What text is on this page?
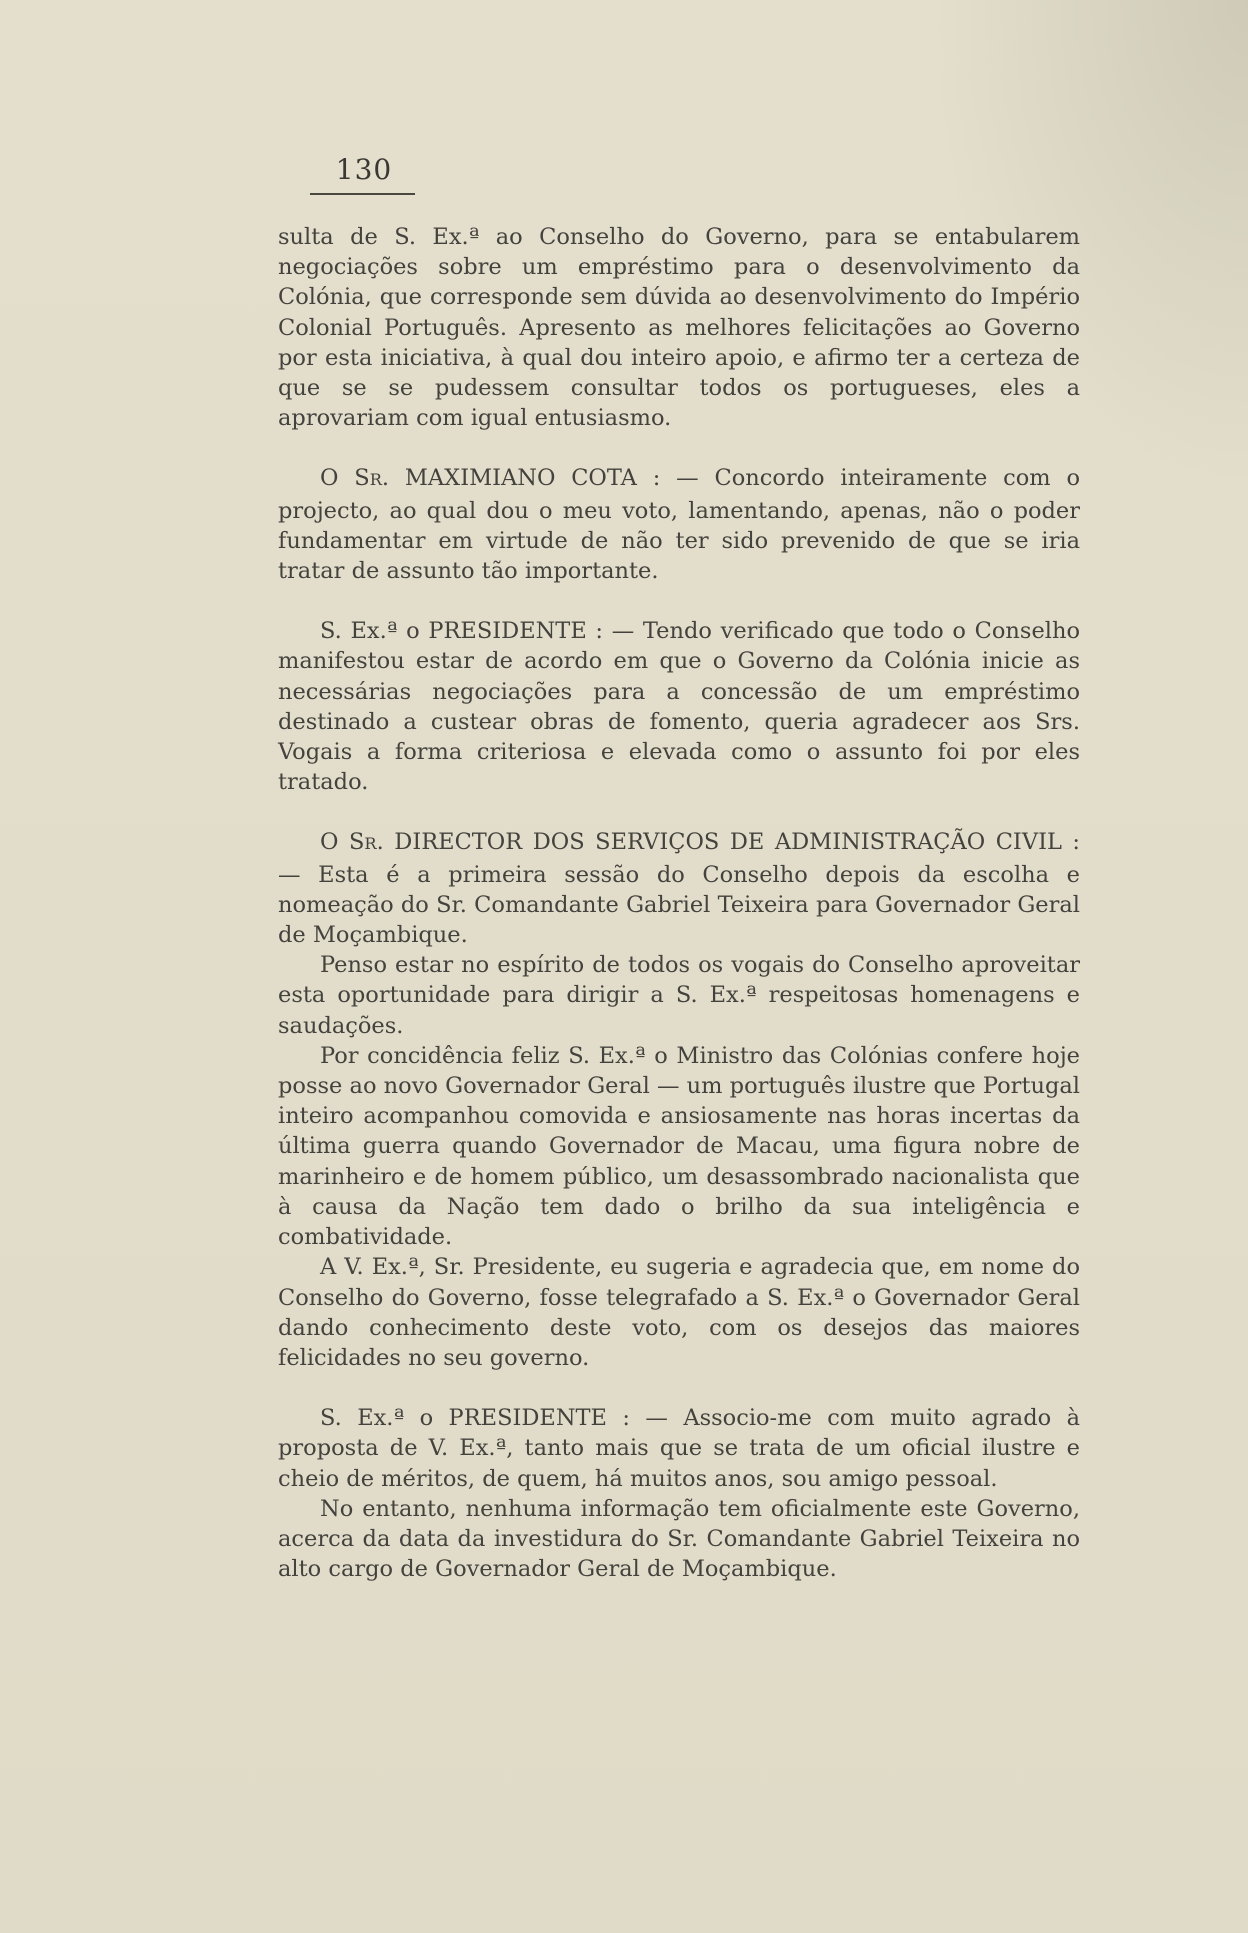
130

sulta de S. Ex.ª ao Conselho do Governo, para se entabularem negociações sobre um empréstimo para o desenvolvimento da Colónia, que corresponde sem dúvida ao desenvolvimento do Império Colonial Português. Apresento as melhores felicitações ao Governo por esta iniciativa, à qual dou inteiro apoio, e afirmo ter a certeza de que se se pudessem consultar todos os portugueses, eles a aprovariam com igual entusiasmo.

O SR. MAXIMIANO COTA : — Concordo inteiramente com o projecto, ao qual dou o meu voto, lamentando, apenas, não o poder fundamentar em virtude de não ter sido prevenido de que se iria tratar de assunto tão importante.

S. Ex.ª o PRESIDENTE : — Tendo verificado que todo o Conselho manifestou estar de acordo em que o Governo da Colónia inicie as necessárias negociações para a concessão de um empréstimo destinado a custear obras de fomento, queria agradecer aos Srs. Vogais a forma criteriosa e elevada como o assunto foi por eles tratado.

O SR. DIRECTOR DOS SERVIÇOS DE ADMINISTRAÇÃO CIVIL : — Esta é a primeira sessão do Conselho depois da escolha e nomeação do Sr. Comandante Gabriel Teixeira para Governador Geral de Moçambique.

Penso estar no espírito de todos os vogais do Conselho aproveitar esta oportunidade para dirigir a S. Ex.ª respeitosas homenagens e saudações.

Por concidência feliz S. Ex.ª o Ministro das Colónias confere hoje posse ao novo Governador Geral — um português ilustre que Portugal inteiro acompanhou comovida e ansiosamente nas horas incertas da última guerra quando Governador de Macau, uma figura nobre de marinheiro e de homem público, um desassombrado nacionalista que à causa da Nação tem dado o brilho da sua inteligência e combatividade.

A V. Ex.ª, Sr. Presidente, eu sugeria e agradecia que, em nome do Conselho do Governo, fosse telegrafado a S. Ex.ª o Governador Geral dando conhecimento deste voto, com os desejos das maiores felicidades no seu governo.

S. Ex.ª o PRESIDENTE : — Associo-me com muito agrado à proposta de V. Ex.ª, tanto mais que se trata de um oficial ilustre e cheio de méritos, de quem, há muitos anos, sou amigo pessoal.

No entanto, nenhuma informação tem oficialmente este Governo, acerca da data da investidura do Sr. Comandante Gabriel Teixeira no alto cargo de Governador Geral de Moçambique.
